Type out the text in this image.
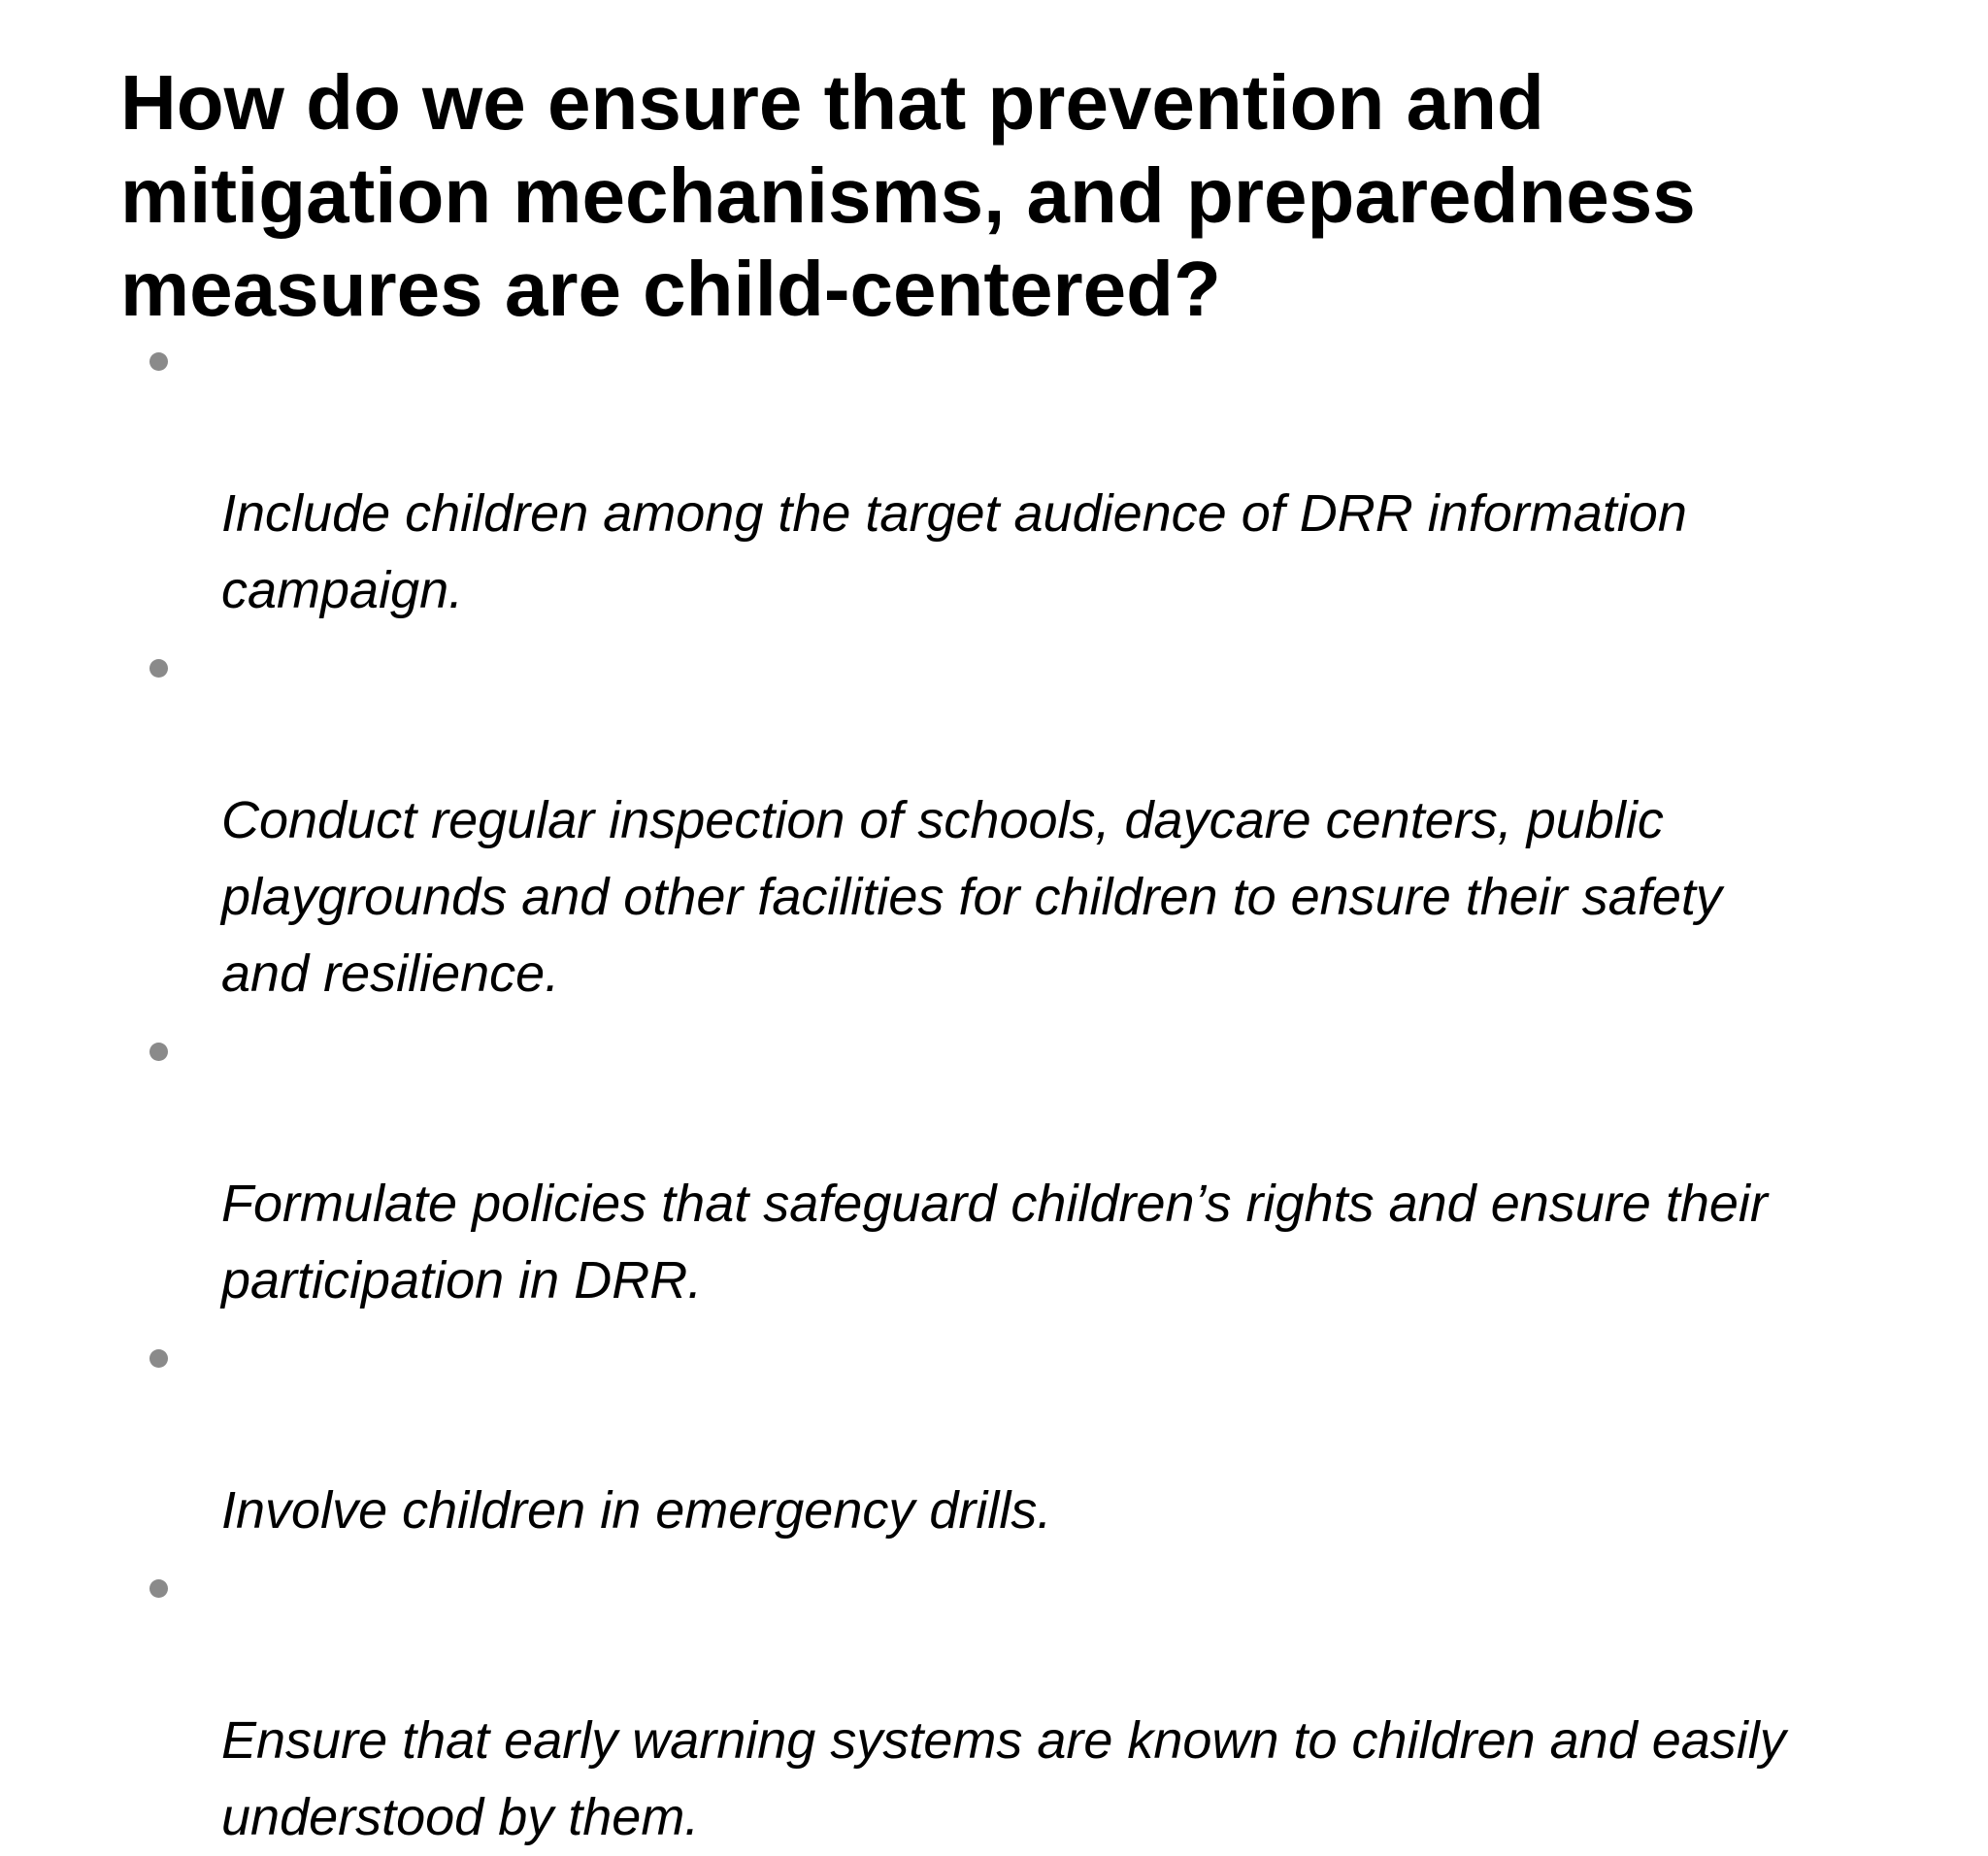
How do we ensure that prevention and
mitigation mechanisms, and preparedness
measures are child-centered?

Include children among the target audience of DRR information
campaign.

Conduct regular inspection of schools, daycare centers, public
playgrounds and other facilities for children to ensure their safety
and resilience.

Formulate policies that safeguard children’s rights and ensure their
participation in DRR.

Involve children in emergency drills.

Ensure that early warning systems are known to children and easily
understood by them.
